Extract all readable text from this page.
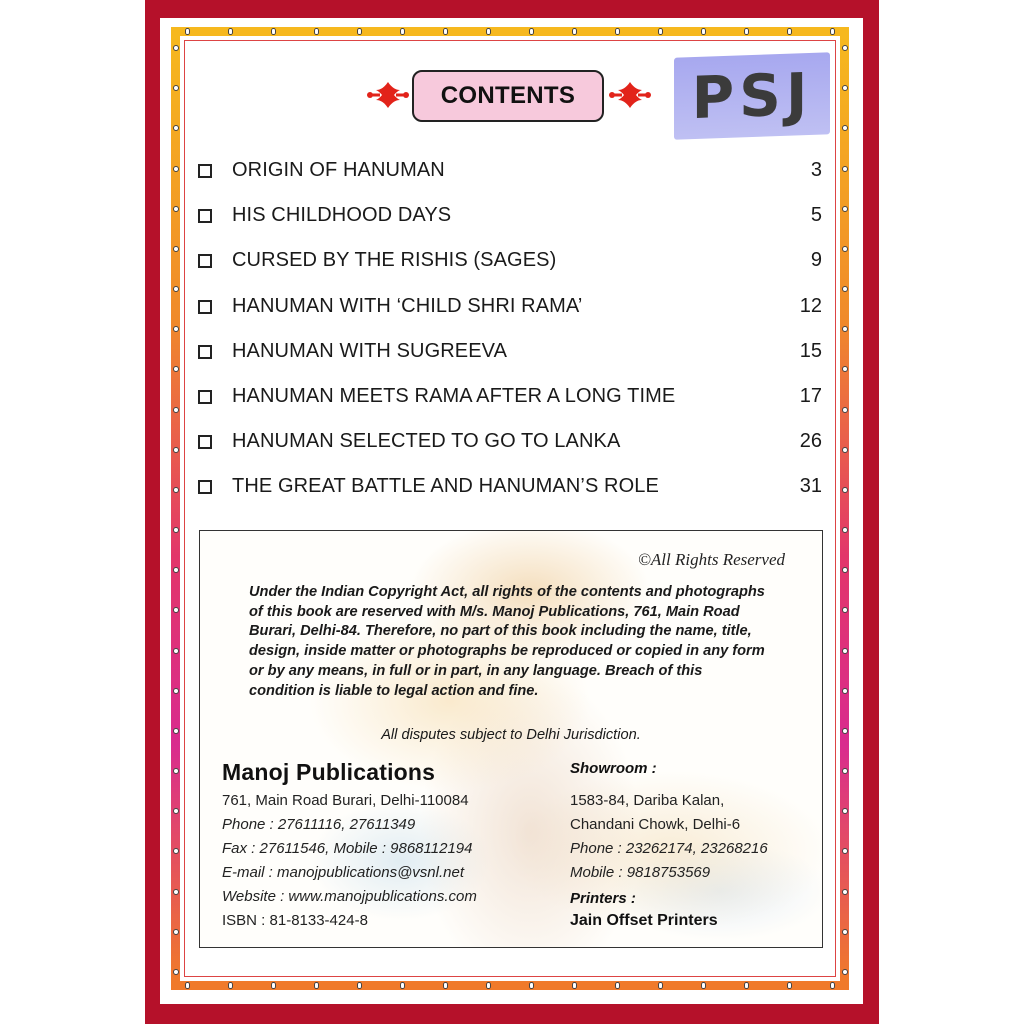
CONTENTS PSJ
ORIGIN OF HANUMAN	3
HIS CHILDHOOD DAYS	5
CURSED BY THE RISHIS (SAGES)	9
HANUMAN WITH ‘CHILD SHRI RAMA’	12
HANUMAN WITH SUGREEVA	15
HANUMAN MEETS RAMA AFTER A LONG TIME	17
HANUMAN SELECTED TO GO TO LANKA	26
THE GREAT BATTLE AND HANUMAN’S ROLE	31
©All Rights Reserved

Under the Indian Copyright Act, all rights of the contents and photographs of this book are reserved with M/s. Manoj Publications, 761, Main Road Burari, Delhi-84. Therefore, no part of this book including the name, title, design, inside matter or photographs be reproduced or copied in any form or by any means, in full or in part, in any language. Breach of this condition is liable to legal action and fine.

All disputes subject to Delhi Jurisdiction.
Manoj Publications
761, Main Road Burari, Delhi-110084
Phone : 27611116, 27611349
Fax : 27611546, Mobile : 9868112194
E-mail : manojpublications@vsnl.net
Website : www.manojpublications.com
ISBN : 81-8133-424-8
Showroom :
1583-84, Dariba Kalan,
Chandani Chowk, Delhi-6
Phone : 23262174, 23268216
Mobile : 9818753569
Printers :
Jain Offset Printers
